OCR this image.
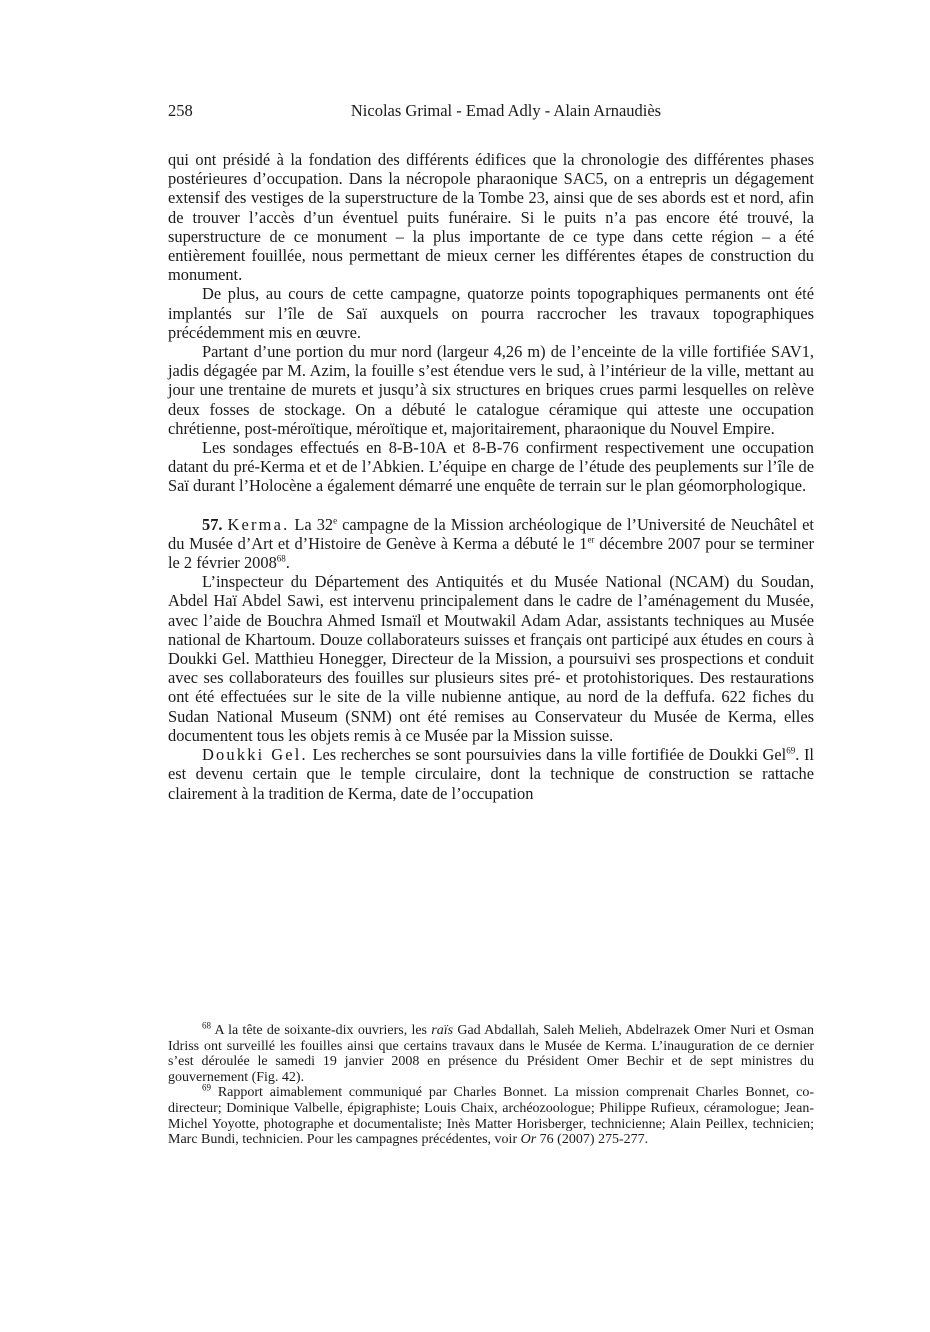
258	Nicolas Grimal - Emad Adly - Alain Arnaudiès

qui ont présidé à la fondation des différents édifices que la chronologie des différentes phases postérieures d’occupation. Dans la nécropole pharaonique SAC5, on a entrepris un dégagement extensif des vestiges de la superstructure de la Tombe 23, ainsi que de ses abords est et nord, afin de trouver l’accès d’un éventuel puits funéraire. Si le puits n’a pas encore été trouvé, la superstructure de ce monument – la plus importante de ce type dans cette région – a été entièrement fouillée, nous permettant de mieux cerner les différentes étapes de construction du monument.

De plus, au cours de cette campagne, quatorze points topographiques permanents ont été implantés sur l’île de Saï auxquels on pourra raccrocher les travaux topographiques précédemment mis en œuvre.

Partant d’une portion du mur nord (largeur 4,26 m) de l’enceinte de la ville fortifiée SAV1, jadis dégagée par M. Azim, la fouille s’est étendue vers le sud, à l’intérieur de la ville, mettant au jour une trentaine de murets et jusqu’à six structures en briques crues parmi lesquelles on relève deux fosses de stockage. On a débuté le catalogue céramique qui atteste une occupation chrétienne, post-méroïtique, méroïtique et, majoritairement, pharaonique du Nouvel Empire.

Les sondages effectués en 8-B-10A et 8-B-76 confirment respectivement une occupation datant du pré-Kerma et et de l’Abkien. L’équipe en charge de l’étude des peuplements sur l’île de Saï durant l’Holocène a également démarré une enquête de terrain sur le plan géomorphologique.

57. Kerma. La 32e campagne de la Mission archéologique de l’Université de Neuchâtel et du Musée d’Art et d’Histoire de Genève à Kerma a débuté le 1er décembre 2007 pour se terminer le 2 février 2008$^{68}$.

L’inspecteur du Département des Antiquités et du Musée National (NCAM) du Soudan, Abdel Haï Abdel Sawi, est intervenu principalement dans le cadre de l’aménagement du Musée, avec l’aide de Bouchra Ahmed Ismaïl et Moutwakil Adam Adar, assistants techniques au Musée national de Khartoum. Douze collaborateurs suisses et français ont participé aux études en cours à Doukki Gel. Matthieu Honegger, Directeur de la Mission, a poursuivi ses prospections et conduit avec ses collaborateurs des fouilles sur plusieurs sites pré- et protohistoriques. Des restaurations ont été effectuées sur le site de la ville nubienne antique, au nord de la deffufa. 622 fiches du Sudan National Museum (SNM) ont été remises au Conservateur du Musée de Kerma, elles documentent tous les objets remis à ce Musée par la Mission suisse.

Doukki Gel. Les recherches se sont poursuivies dans la ville fortifiée de Doukki Gel$^{69}$. Il est devenu certain que le temple circulaire, dont la technique de construction se rattache clairement à la tradition de Kerma, date de l’occupation

$^{68}$ A la tête de soixante-dix ouvriers, les raïs Gad Abdallah, Saleh Melieh, Abdelrazek Omer Nuri et Osman Idriss ont surveillé les fouilles ainsi que certains travaux dans le Musée de Kerma. L’inauguration de ce dernier s’est déroulée le samedi 19 janvier 2008 en présence du Président Omer Bechir et de sept ministres du gouvernement (Fig. 42).

$^{69}$ Rapport aimablement communiqué par Charles Bonnet. La mission comprenait Charles Bonnet, co-directeur; Dominique Valbelle, épigraphiste; Louis Chaix, archéozoologue; Philippe Rufieux, céramologue; Jean-Michel Yoyotte, photographe et documentaliste; Inès Matter Horisberger, technicienne; Alain Peillex, technicien; Marc Bundi, technicien. Pour les campagnes précédentes, voir Or 76 (2007) 275-277.
